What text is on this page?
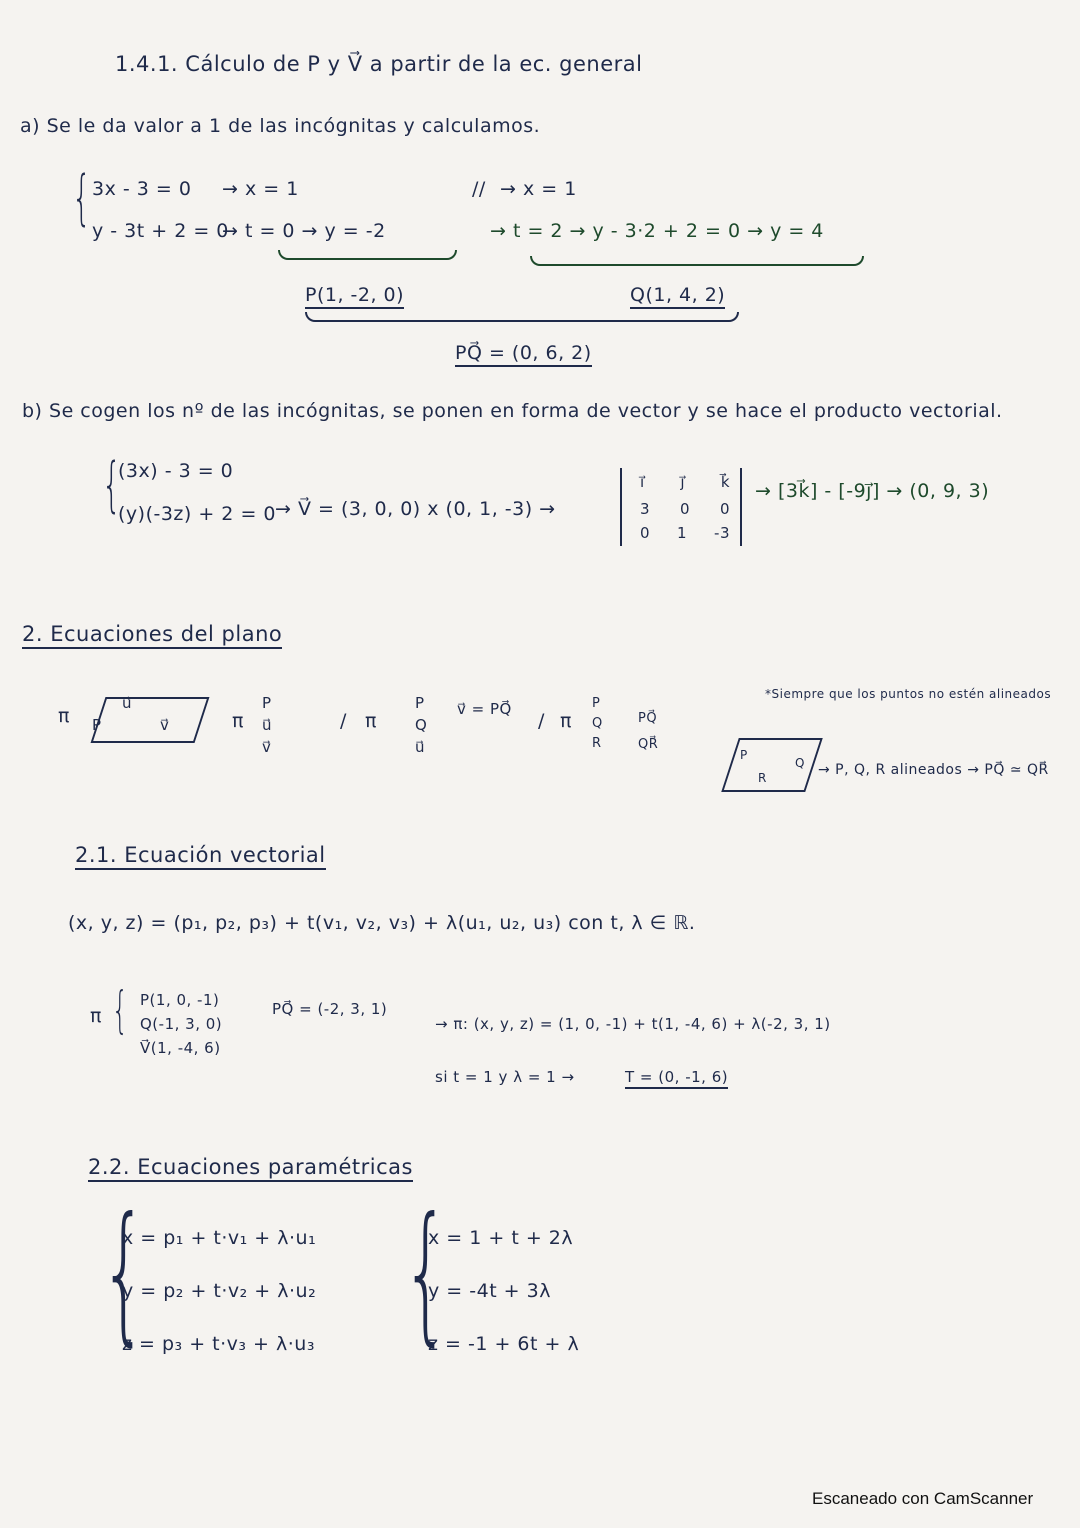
1.4.1. Cálculo de P y V⃗ a partir de la ec. general
a) Se le da valor a 1 de las incógnitas y calculamos.
{ 3x - 3 = 0
y - 3t + 2 = 0
→ x = 1
→ t = 0 → y = -2
// → x = 1
→ t = 2 → y - 3·2 + 2 = 0 → y = 4
P(1, -2, 0)	Q(1, 4, 2)
PQ⃗ = (0, 6, 2)
b) Se cogen los nº de las incógnitas, se ponen en forma de vector y se hace el producto vectorial.
{
(3x) - 3 = 0
(y)(-3z) + 2 = 0 → V⃗ = (3, 0, 0) x (0, 1, -3) →
i⃗ j⃗ k⃗
3 0 0
0 1 -3
→ [3k⃗] - [-9j⃗] → (0, 9, 3)
2. Ecuaciones del plano
π P
u⃗
v⃗	π
P
u⃗
v⃗
/ π
P
Q
u⃗
v⃗ = PQ⃗
/ π
P
Q
R
PQ⃗
QR⃗
*Siempre que los puntos no estén alineados
P
Q
R	→ P, Q, R alineados → PQ⃗ ≃ QR⃗
2.1. Ecuación vectorial
(x, y, z) = (p₁, p₂, p₃) + t(v₁, v₂, v₃) + λ(u₁, u₂, u₃) con t, λ ∈ ℝ.
π { P(1, 0, -1)
Q(-1, 3, 0)
V⃗(1, -4, 6)
PQ⃗ = (-2, 3, 1)
→ π: (x, y, z) = (1, 0, -1) + t(1, -4, 6) + λ(-2, 3, 1)
si t = 1 y λ = 1 →	T = (0, -1, 6)
2.2. Ecuaciones paramétricas
{
x = p₁ + t·v₁ + λ·u₁
y = p₂ + t·v₂ + λ·u₂
z = p₃ + t·v₃ + λ·u₃ {
x = 1 + t + 2λ
y = -4t + 3λ
z = -1 + 6t + λ
Escaneado con CamScanner
